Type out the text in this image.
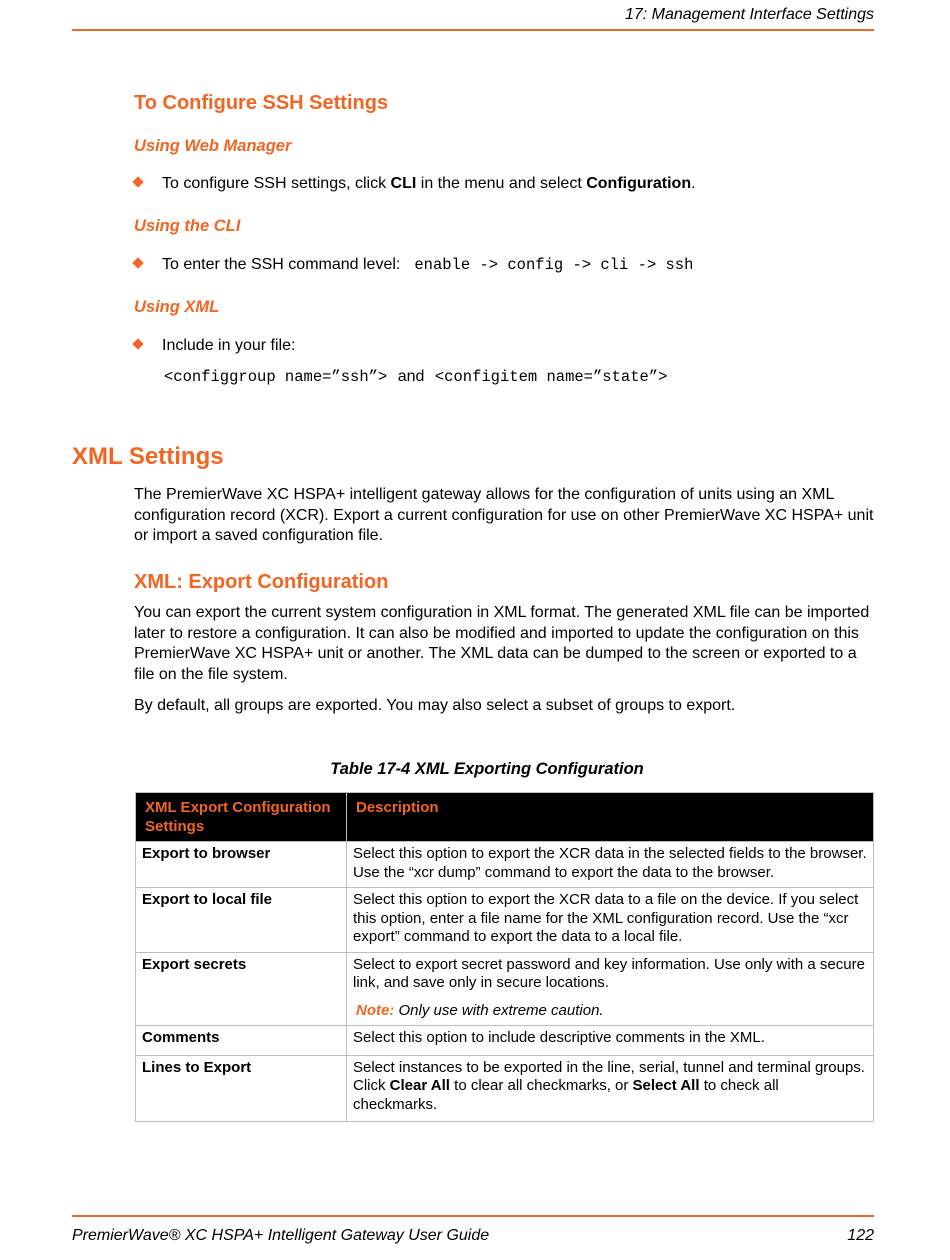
17: Management Interface Settings
To Configure SSH Settings
Using Web Manager
To configure SSH settings, click CLI in the menu and select Configuration.
Using the CLI
To enter the SSH command level: enable -> config -> cli -> ssh
Using XML
Include in your file:
<configgroup name=”ssh”> and <configitem name=”state”>
XML Settings
The PremierWave XC HSPA+ intelligent gateway allows for the configuration of units using an XML configuration record (XCR). Export a current configuration for use on other PremierWave XC HSPA+ unit or import a saved configuration file.
XML: Export Configuration
You can export the current system configuration in XML format. The generated XML file can be imported later to restore a configuration. It can also be modified and imported to update the configuration on this PremierWave XC HSPA+ unit or another. The XML data can be dumped to the screen or exported to a file on the file system.
By default, all groups are exported. You may also select a subset of groups to export.
Table 17-4 XML Exporting Configuration
XML Export Configuration Settings	Description
Export to browser	Select this option to export the XCR data in the selected fields to the browser. Use the “xcr dump” command to export the data to the browser.
Export to local file	Select this option to export the XCR data to a file on the device. If you select this option, enter a file name for the XML configuration record. Use the “xcr export” command to export the data to a local file.
Export secrets	Select to export secret password and key information. Use only with a secure link, and save only in secure locations.
Note: Only use with extreme caution.

Comments	Select this option to include descriptive comments in the XML.
Lines to Export	Select instances to be exported in the line, serial, tunnel and terminal groups. Click Clear All to clear all checkmarks, or Select All to check all checkmarks.
PremierWave® XC HSPA+ Intelligent Gateway User Guide	122
